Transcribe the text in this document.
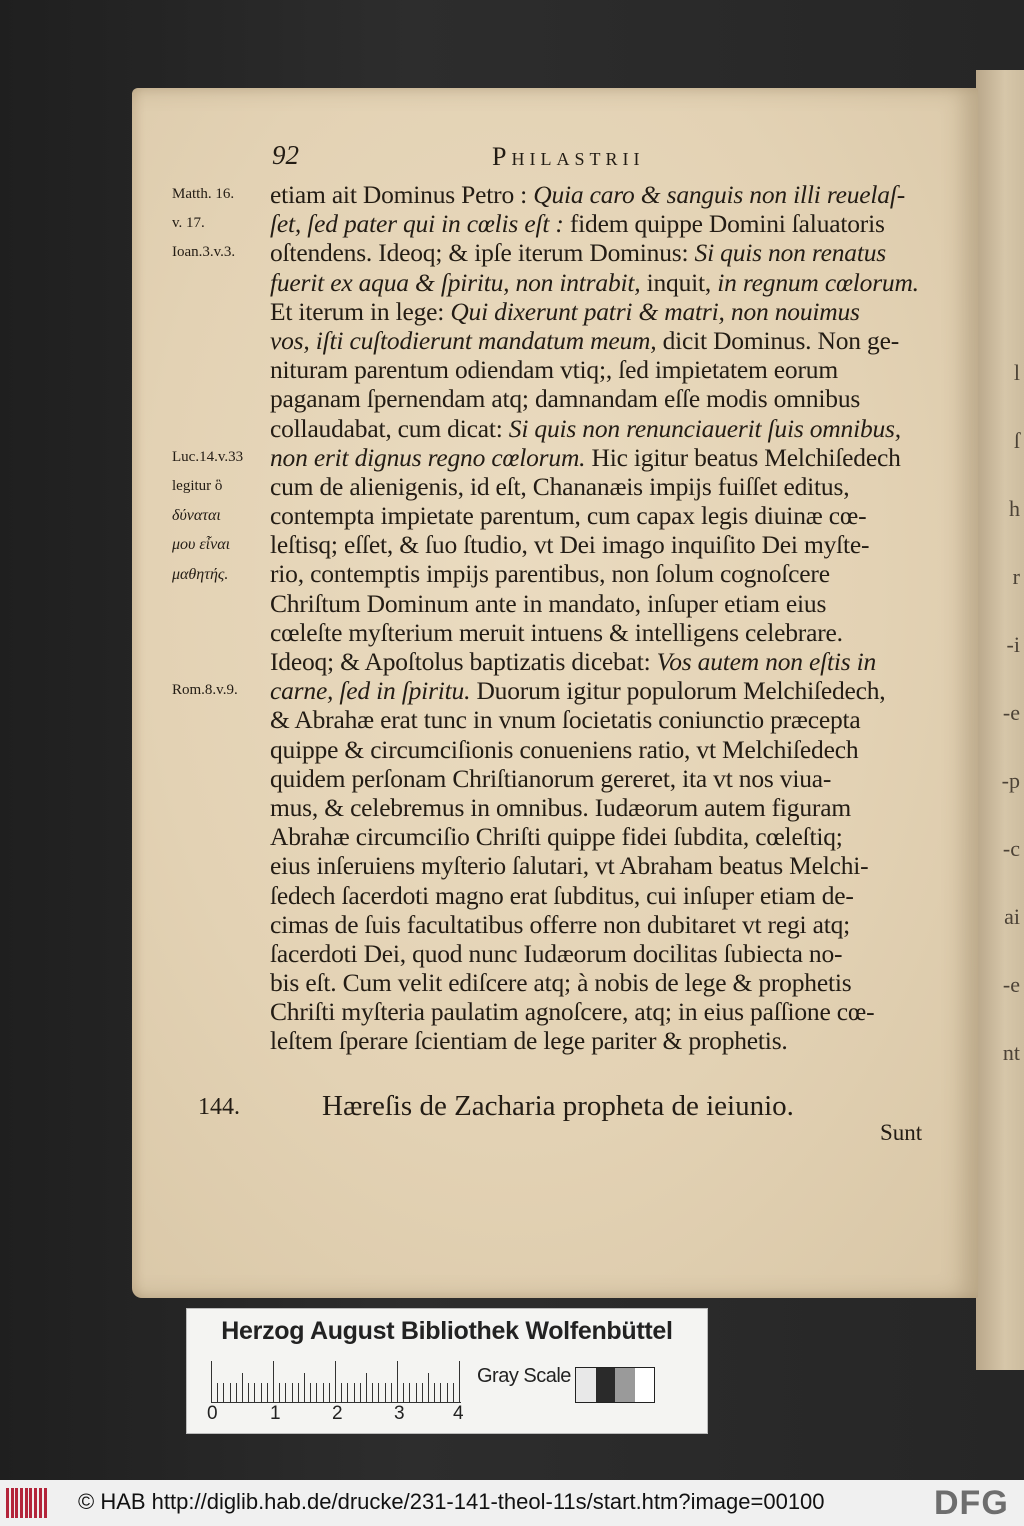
l
ſ
h
r
-i
-e
-p
-c
ai
-e
nt
92	Philastrii
Matth. 16.
v. 17.
Ioan.3.v.3.
Luc.14.v.33
legitur ὃ
δύναται
μου εἶναι
μαθητής.
Rom.8.v.9.
etiam ait Dominus Petro : Quia caro & sanguis non illi reuelaſ-
ſet, ſed pater qui in cœlis eſt : fidem quippe Domini ſaluatoris
oſtendens. Ideoq; & ipſe iterum Dominus: Si quis non renatus
fuerit ex aqua & ſpiritu, non intrabit, inquit, in regnum cœlorum.
Et iterum in lege: Qui dixerunt patri & matri, non nouimus
vos, iſti cuſtodierunt mandatum meum, dicit Dominus. Non ge-
nituram parentum odiendam vtiq;, ſed impietatem eorum
paganam ſpernendam atq; damnandam eſſe modis omnibus
collaudabat, cum dicat: Si quis non renunciauerit ſuis omnibus,
non erit dignus regno cœlorum. Hic igitur beatus Melchiſedech
cum de alienigenis, id eſt, Chananæis impijs fuiſſet editus,
contempta impietate parentum, cum capax legis diuinæ cœ-
leſtisq; eſſet, & ſuo ſtudio, vt Dei imago inquiſito Dei myſte-
rio, contemptis impijs parentibus, non ſolum cognoſcere
Chriſtum Dominum ante in mandato, inſuper etiam eius
cœleſte myſterium meruit intuens & intelligens celebrare.
Ideoq; & Apoſtolus baptizatis dicebat: Vos autem non eſtis in
carne, ſed in ſpiritu. Duorum igitur populorum Melchiſedech,
& Abrahæ erat tunc in vnum ſocietatis coniunctio præcepta
quippe & circumciſionis conueniens ratio, vt Melchiſedech
quidem perſonam Chriſtianorum gereret, ita vt nos viua-
mus, & celebremus in omnibus. Iudæorum autem figuram
Abrahæ circumciſio Chriſti quippe fidei ſubdita, cœleſtiq;
eius inſeruiens myſterio ſalutari, vt Abraham beatus Melchi-
ſedech ſacerdoti magno erat ſubditus, cui inſuper etiam de-
cimas de ſuis facultatibus offerre non dubitaret vt regi atq;
ſacerdoti Dei, quod nunc Iudæorum docilitas ſubiecta no-
bis eſt. Cum velit ediſcere atq; à nobis de lege & prophetis
Chriſti myſteria paulatim agnoſcere, atq; in eius paſſione cœ-
leſtem ſperare ſcientiam de lege pariter & prophetis.
144.	Hæreſis de Zacharia propheta de ieiunio.
Sunt
Herzog August Bibliothek Wolfenbüttel
0	1	2	3	4
Gray Scale
© HAB http://diglib.hab.de/drucke/231-141-theol-11s/start.htm?image=00100	DFG
